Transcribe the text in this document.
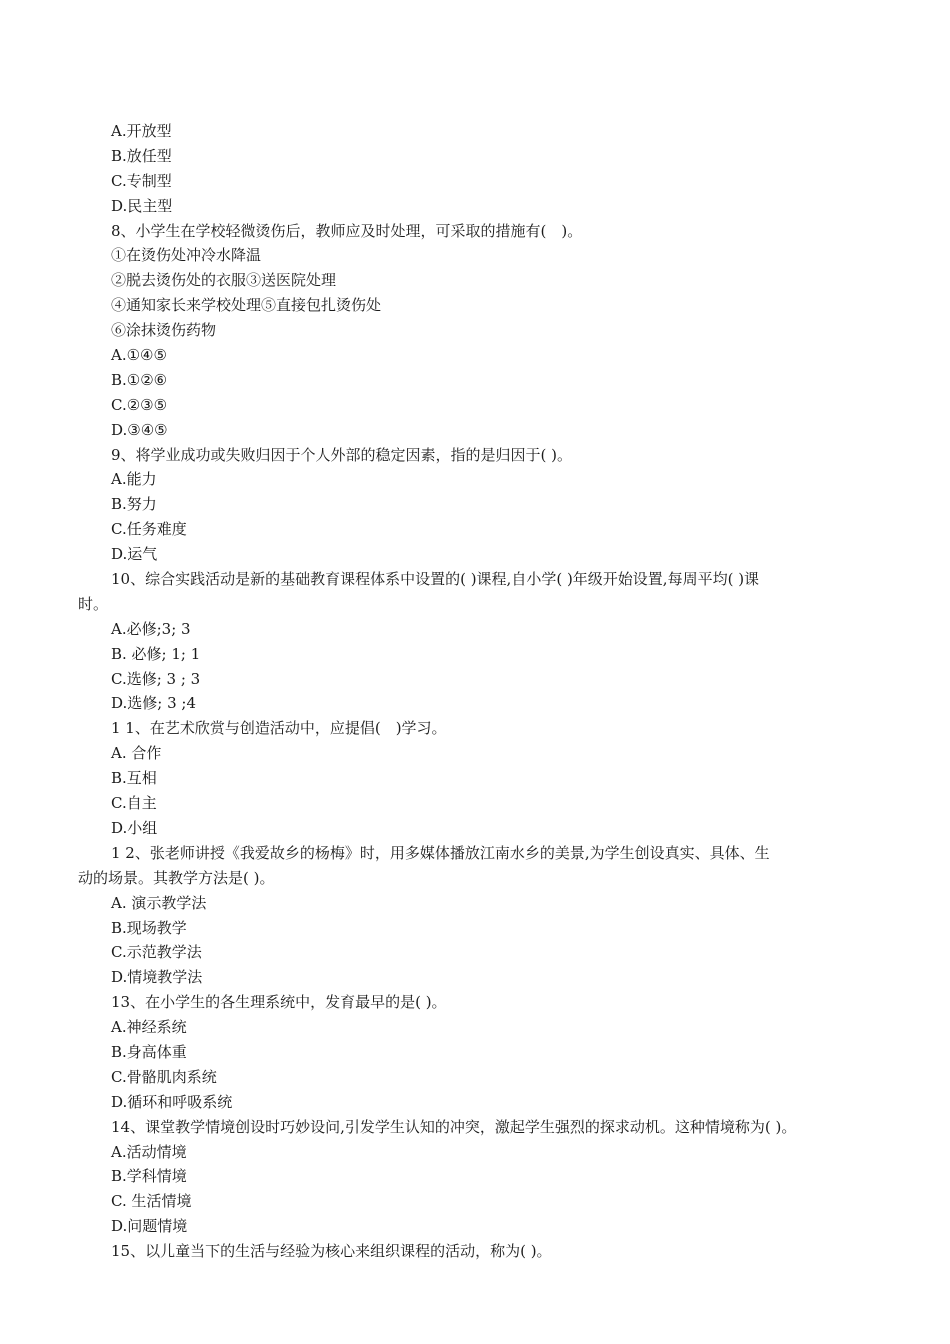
A.开放型
B.放任型
C.专制型
D.民主型
8、小学生在学校轻微烫伤后，教师应及时处理，可采取的措施有(　)。
①在烫伤处冲冷水降温
②脱去烫伤处的衣服③送医院处理
④通知家长来学校处理⑤直接包扎烫伤处
⑥涂抹烫伤药物
A.①④⑤
B.①②⑥
C.②③⑤
D.③④⑤
9、将学业成功或失败归因于个人外部的稳定因素，指的是归因于( )。
A.能力
B.努力
C.任务难度
D.运气
10、综合实践活动是新的基础教育课程体系中设置的( )课程,自小学( )年级开始设置,每周平均( )课
时。
A.必修;3; 3
B. 必修; 1; 1
C.选修; 3 ; 3
D.选修; 3 ;4
1 1、在艺术欣赏与创造活动中，应提倡(　)学习。
A. 合作
B.互相
C.自主
D.小组
1 2、张老师讲授《我爱故乡的杨梅》时，用多媒体播放江南水乡的美景,为学生创设真实、具体、生
动的场景。其教学方法是( )。
A. 演示教学法
B.现场教学
C.示范教学法
D.情境教学法
13、在小学生的各生理系统中，发育最早的是( )。
A.神经系统
B.身高体重
C.骨骼肌肉系统
D.循环和呼吸系统
14、课堂教学情境创设时巧妙设问,引发学生认知的冲突，激起学生强烈的探求动机。这种情境称为( )。
A.活动情境
B.学科情境
C. 生活情境
D.问题情境
15、以儿童当下的生活与经验为核心来组织课程的活动，称为( )。
